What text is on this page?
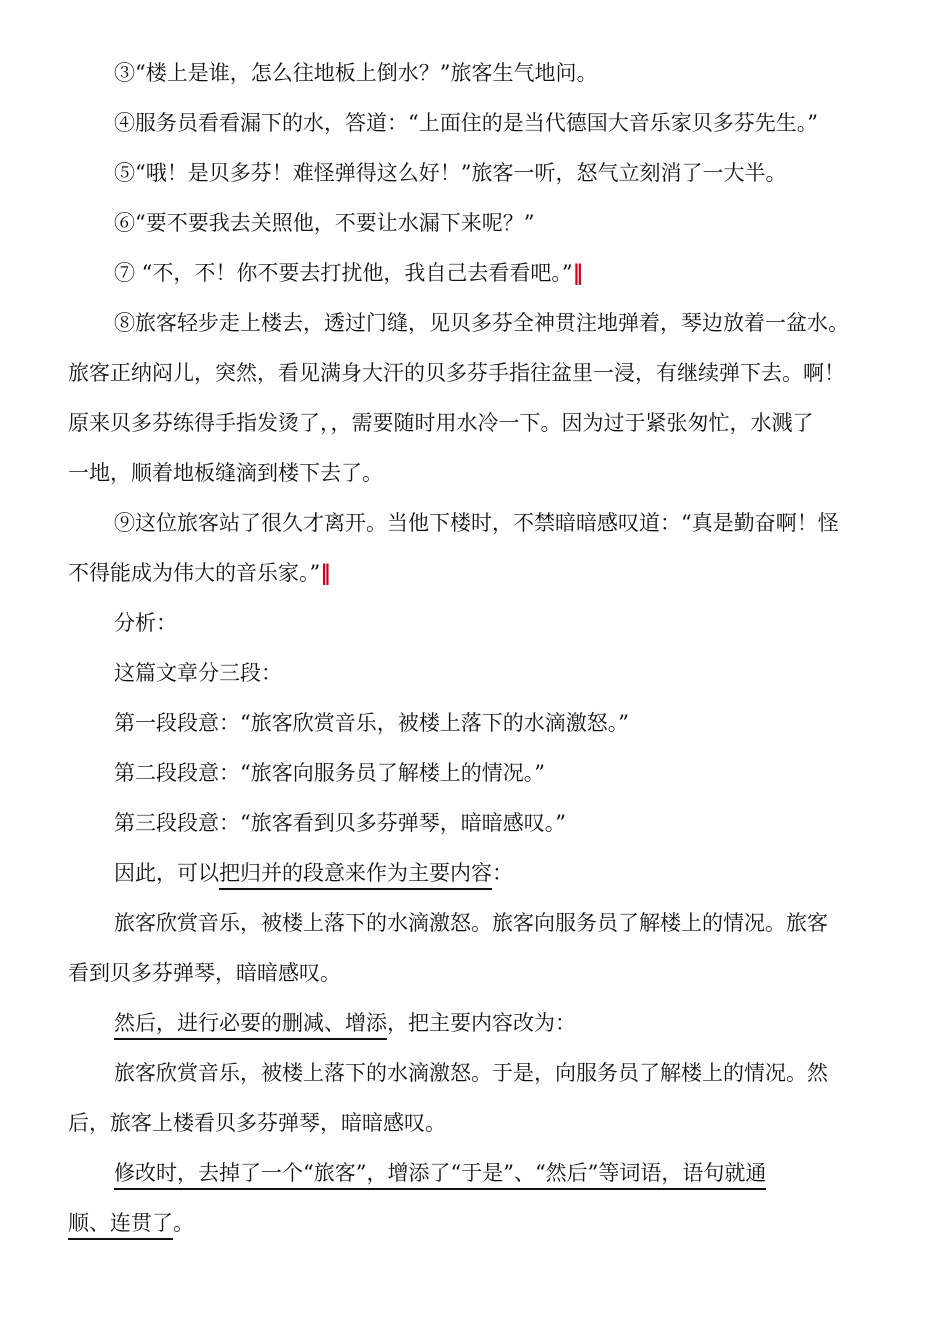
③“楼上是谁，怎么往地板上倒水？”旅客生气地问。
④服务员看看漏下的水，答道：“上面住的是当代德国大音乐家贝多芬先生。”
⑤“哦！是贝多芬！难怪弹得这么好！”旅客一听，怒气立刻消了一大半。
⑥“要不要我去关照他，不要让水漏下来呢？”
⑦ “不，不！你不要去打扰他，我自己去看看吧。”‖
⑧旅客轻步走上楼去，透过门缝，见贝多芬全神贯注地弹着，琴边放着一盆水。
旅客正纳闷儿，突然，看见满身大汗的贝多芬手指往盆里一浸，有继续弹下去。啊！
原来贝多芬练得手指发烫了，，需要随时用水冷一下。因为过于紧张匆忙，水溅了
一地，顺着地板缝滴到楼下去了。
⑨这位旅客站了很久才离开。当他下楼时，不禁暗暗感叹道：“真是勤奋啊！怪
不得能成为伟大的音乐家。”‖
分析：
这篇文章分三段：
第一段段意：“旅客欣赏音乐，被楼上落下的水滴激怒。”
第二段段意：“旅客向服务员了解楼上的情况。”
第三段段意：“旅客看到贝多芬弹琴，暗暗感叹。”
因此，可以把归并的段意来作为主要内容：
旅客欣赏音乐，被楼上落下的水滴激怒。旅客向服务员了解楼上的情况。旅客
看到贝多芬弹琴，暗暗感叹。
然后，进行必要的删减、增添，把主要内容改为：
旅客欣赏音乐，被楼上落下的水滴激怒。于是，向服务员了解楼上的情况。然
后，旅客上楼看贝多芬弹琴，暗暗感叹。
修改时，去掉了一个“旅客”，增添了“于是”、“然后”等词语，语句就通
顺、连贯了。
